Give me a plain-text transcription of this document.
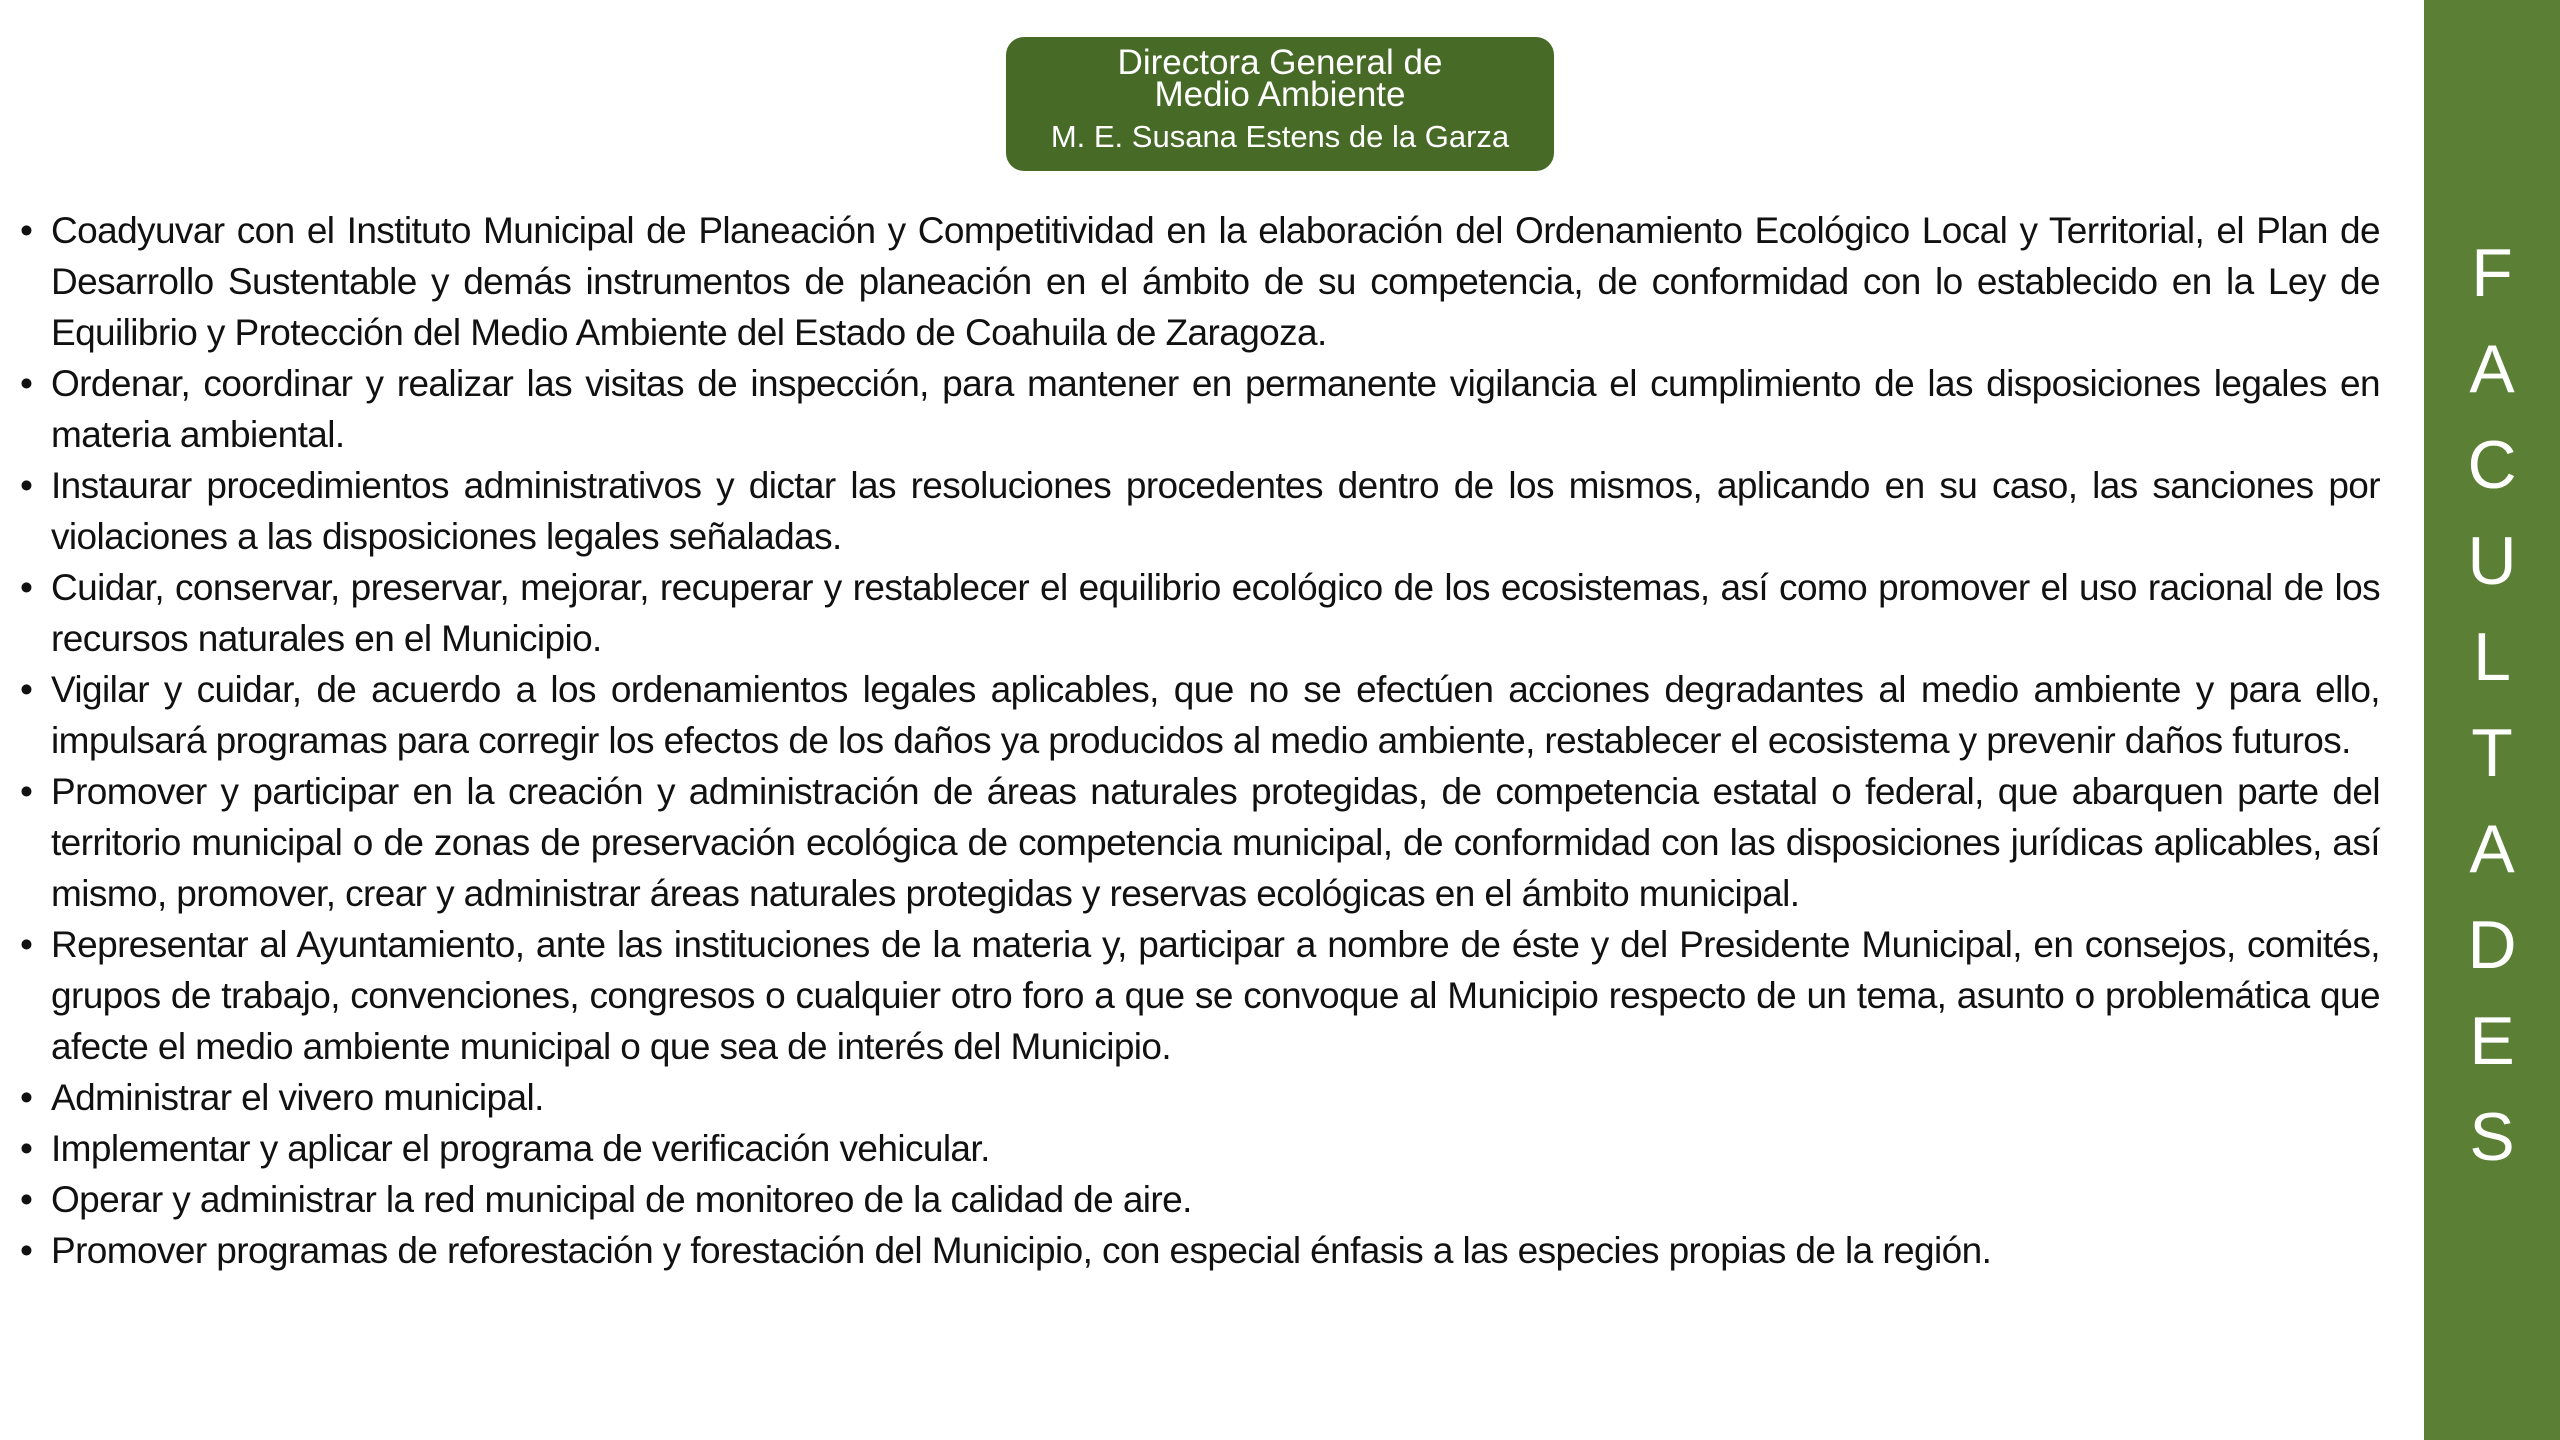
Directora General de
Medio Ambiente
M. E. Susana Estens de la Garza
• Coadyuvar con el Instituto Municipal de Planeación y Competitividad en la elaboración del Ordenamiento Ecológico Local y Territorial, el Plan de Desarrollo Sustentable y demás instrumentos de planeación en el ámbito de su competencia, de conformidad con lo establecido en la Ley de Equilibrio y Protección del Medio Ambiente del Estado de Coahuila de Zaragoza.
• Ordenar, coordinar y realizar las visitas de inspección, para mantener en permanente vigilancia el cumplimiento de las disposiciones legales en materia ambiental.
• Instaurar procedimientos administrativos y dictar las resoluciones procedentes dentro de los mismos, aplicando en su caso, las sanciones por violaciones a las disposiciones legales señaladas.
• Cuidar, conservar, preservar, mejorar, recuperar y restablecer el equilibrio ecológico de los ecosistemas, así como promover el uso racional de los recursos naturales en el Municipio.
• Vigilar y cuidar, de acuerdo a los ordenamientos legales aplicables, que no se efectúen acciones degradantes al medio ambiente y para ello, impulsará programas para corregir los efectos de los daños ya producidos al medio ambiente, restablecer el ecosistema y prevenir daños futuros.
• Promover y participar en la creación y administración de áreas naturales protegidas, de competencia estatal o federal, que abarquen parte del territorio municipal o de zonas de preservación ecológica de competencia municipal, de conformidad con las disposiciones jurídicas aplicables, así mismo, promover, crear y administrar áreas naturales protegidas y reservas ecológicas en el ámbito municipal.
• Representar al Ayuntamiento, ante las instituciones de la materia y, participar a nombre de éste y del Presidente Municipal, en consejos, comités, grupos de trabajo, convenciones, congresos o cualquier otro foro a que se convoque al Municipio respecto de un tema, asunto o problemática que afecte el medio ambiente municipal o que sea de interés del Municipio.
• Administrar el vivero municipal.
• Implementar y aplicar el programa de verificación vehicular.
• Operar y administrar la red municipal de monitoreo de la calidad de aire.
• Promover programas de reforestación y forestación del Municipio, con especial énfasis a las especies propias de la región.
F
A
C
U
L
T
A
D
E
S
